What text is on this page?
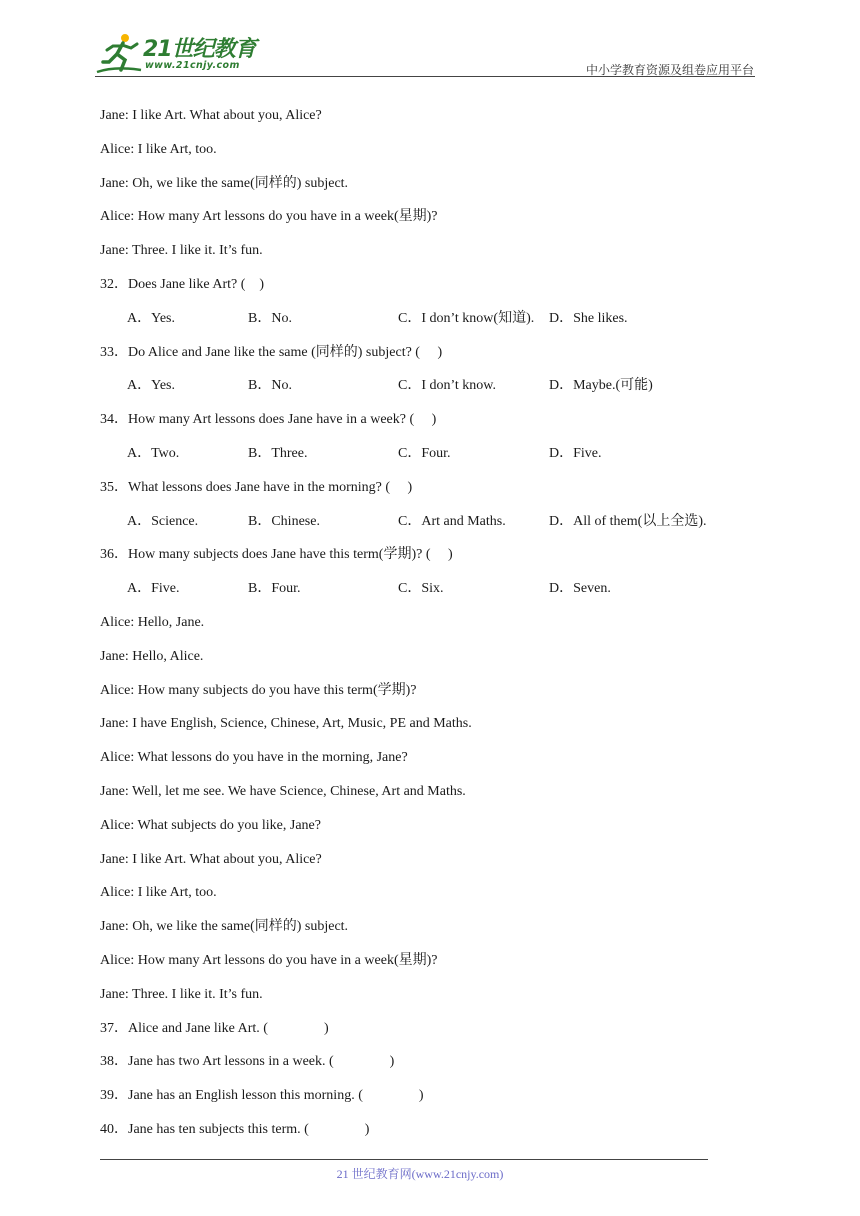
21世纪教育
www.21cnjy.com	中小学教育资源及组卷应用平台
Jane: I like Art. What about you, Alice?
Alice: I like Art, too.
Jane: Oh, we like the same(同样的) subject.
Alice: How many Art lessons do you have in a week(星期)?
Jane: Three. I like it. It’s fun.
32．Does Jane like Art? (　)
A．Yes.	B．No.	C．I don’t know(知道). D．She likes.
33．Do Alice and Jane like the same (同样的) subject? (　 )
A．Yes.	B．No.	C．I don’t know.	D．Maybe.(可能)
34．How many Art lessons does Jane have in a week? (　 )
A．Two.	B．Three.	C．Four.	D．Five.
35．What lessons does Jane have in the morning? (　 )
A．Science.	B．Chinese.	C．Art and Maths.	D．All of them(以上全选).
36．How many subjects does Jane have this term(学期)? (　 )
A．Five.	B．Four.	C．Six.	D．Seven.
Alice: Hello, Jane.
Jane: Hello, Alice.
Alice: How many subjects do you have this term(学期)?
Jane: I have English, Science, Chinese, Art, Music, PE and Maths.
Alice: What lessons do you have in the morning, Jane?
Jane: Well, let me see. We have Science, Chinese, Art and Maths.
Alice: What subjects do you like, Jane?
Jane: I like Art. What about you, Alice?
Alice: I like Art, too.
Jane: Oh, we like the same(同样的) subject.
Alice: How many Art lessons do you have in a week(星期)?
Jane: Three. I like it. It’s fun.
37．Alice and Jane like Art. (　　　　)
38．Jane has two Art lessons in a week. (　　　　)
39．Jane has an English lesson this morning. (　　　　)
40．Jane has ten subjects this term. (　　　　)
21 世纪教育网(www.21cnjy.com)
